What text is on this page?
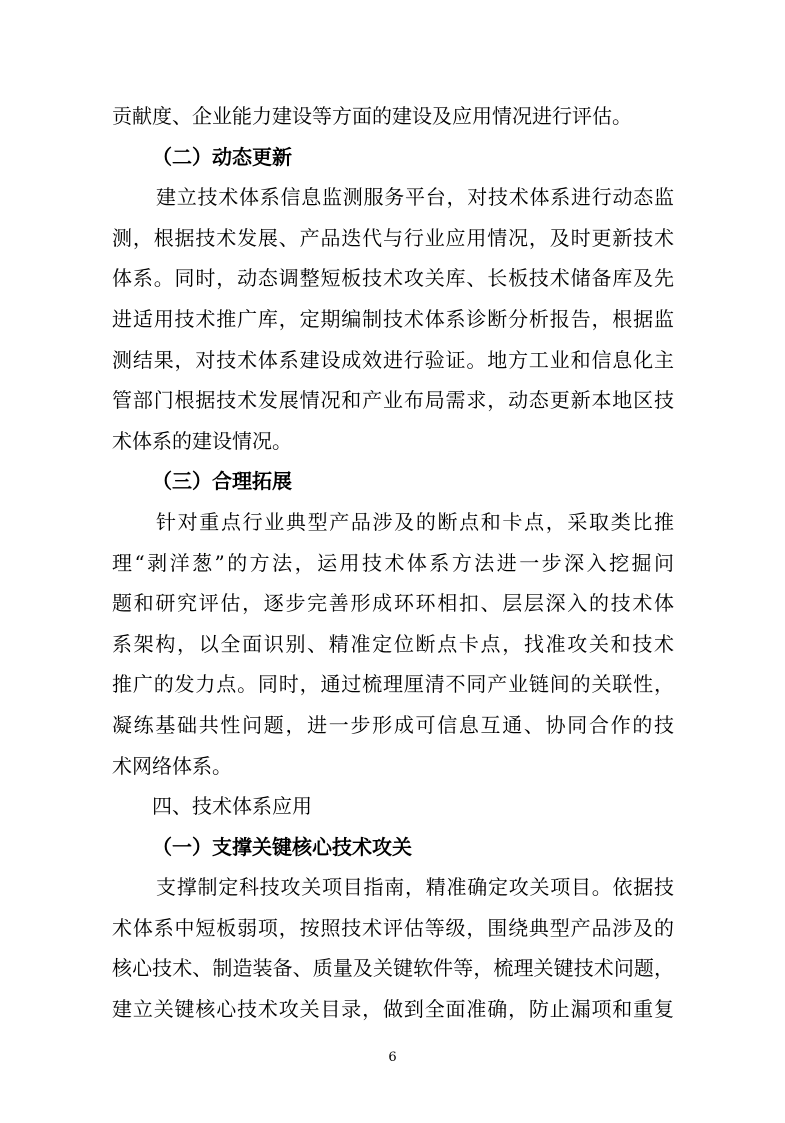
贡献度、企业能力建设等方面的建设及应用情况进行评估。
（二）动态更新
建立技术体系信息监测服务平台，对技术体系进行动态监
测，根据技术发展、产品迭代与行业应用情况，及时更新技术
体系。同时，动态调整短板技术攻关库、长板技术储备库及先
进适用技术推广库，定期编制技术体系诊断分析报告，根据监
测结果，对技术体系建设成效进行验证。地方工业和信息化主
管部门根据技术发展情况和产业布局需求，动态更新本地区技
术体系的建设情况。
（三）合理拓展
针对重点行业典型产品涉及的断点和卡点，采取类比推
理“剥洋葱”的方法，运用技术体系方法进一步深入挖掘问
题和研究评估，逐步完善形成环环相扣、层层深入的技术体
系架构，以全面识别、精准定位断点卡点，找准攻关和技术
推广的发力点。同时，通过梳理厘清不同产业链间的关联性，
凝练基础共性问题，进一步形成可信息互通、协同合作的技
术网络体系。
四、技术体系应用
（一）支撑关键核心技术攻关
支撑制定科技攻关项目指南，精准确定攻关项目。依据技
术体系中短板弱项，按照技术评估等级，围绕典型产品涉及的
核心技术、制造装备、质量及关键软件等，梳理关键技术问题，
建立关键核心技术攻关目录，做到全面准确，防止漏项和重复
6
